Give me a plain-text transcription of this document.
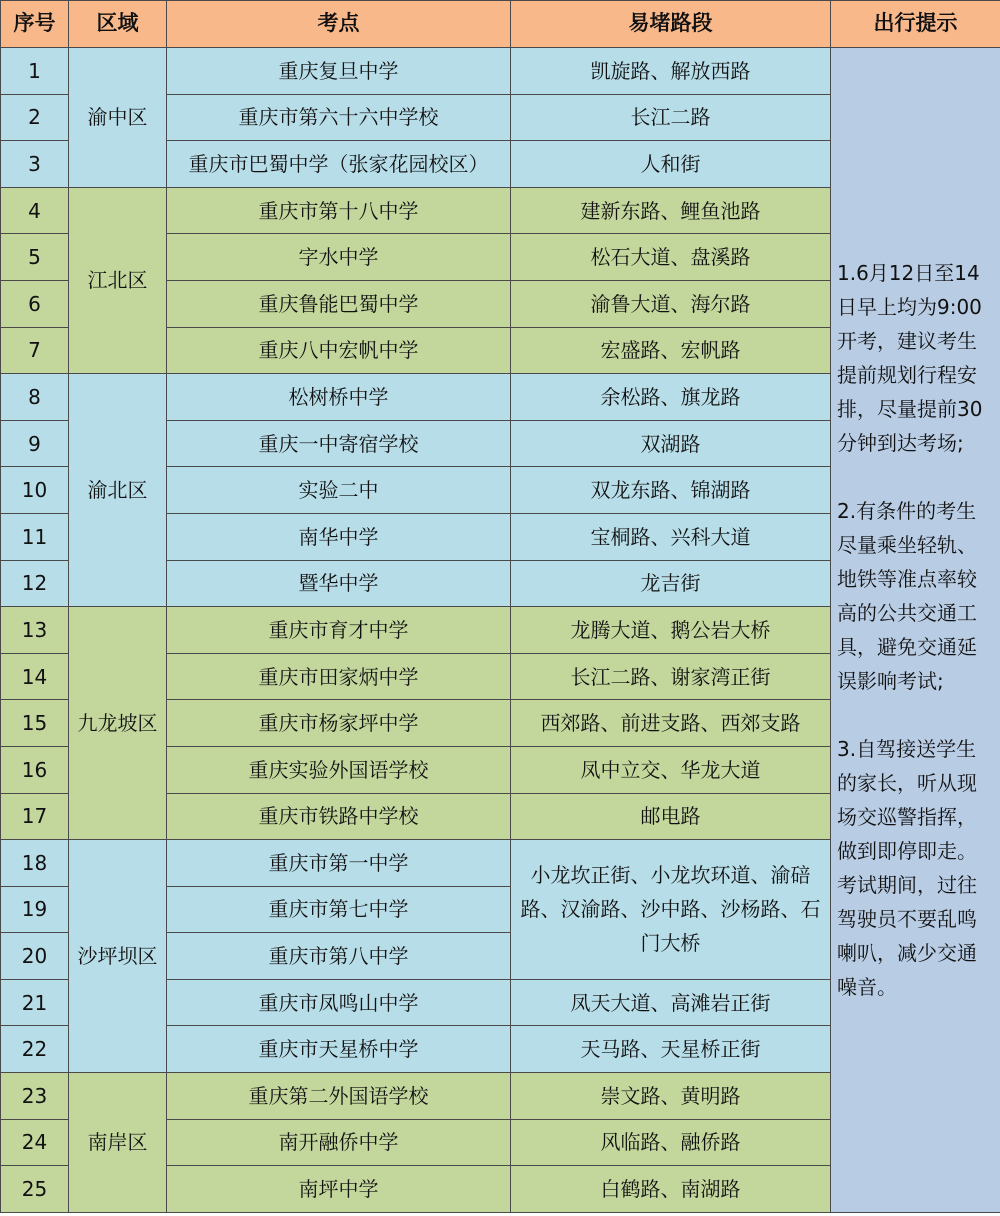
序号	区域	考点	易堵路段	出行提示
1	渝中区	重庆复旦中学	凯旋路、解放西路	1.6月12日至14日早上均为9:00开考，建议考生提前规划行程安排，尽量提前30分钟到达考场;

2.有条件的考生尽量乘坐轻轨、地铁等准点率较高的公共交通工具，避免交通延误影响考试;

3.自驾接送学生的家长，听从现场交巡警指挥，做到即停即走。考试期间，过往驾驶员不要乱鸣喇叭，减少交通噪音。

2		重庆市第六十六中学校	长江二路	
3		重庆市巴蜀中学（张家花园校区）	人和街	
4	江北区	重庆市第十八中学	建新东路、鲤鱼池路	
5		字水中学	松石大道、盘溪路	
6		重庆鲁能巴蜀中学	渝鲁大道、海尔路	
7		重庆八中宏帆中学	宏盛路、宏帆路	
8	渝北区	松树桥中学	余松路、旗龙路	
9		重庆一中寄宿学校	双湖路	
10		实验二中	双龙东路、锦湖路	
11		南华中学	宝桐路、兴科大道	
12		暨华中学	龙吉街	
13	九龙坡区	重庆市育才中学	龙腾大道、鹅公岩大桥	
14		重庆市田家炳中学	长江二路、谢家湾正街	
15		重庆市杨家坪中学	西郊路、前进支路、西郊支路	
16		重庆实验外国语学校	凤中立交、华龙大道	
17		重庆市铁路中学校	邮电路	
18	沙坪坝区	重庆市第一中学	小龙坎正街、小龙坎环道、渝碚路、汉渝路、沙中路、沙杨路、石门大桥	
19		重庆市第七中学		
20		重庆市第八中学		
21		重庆市凤鸣山中学	凤天大道、高滩岩正街	
22		重庆市天星桥中学	天马路、天星桥正街	
23	南岸区	重庆第二外国语学校	崇文路、黄明路	
24		南开融侨中学	风临路、融侨路	
25		南坪中学	白鹤路、南湖路	
